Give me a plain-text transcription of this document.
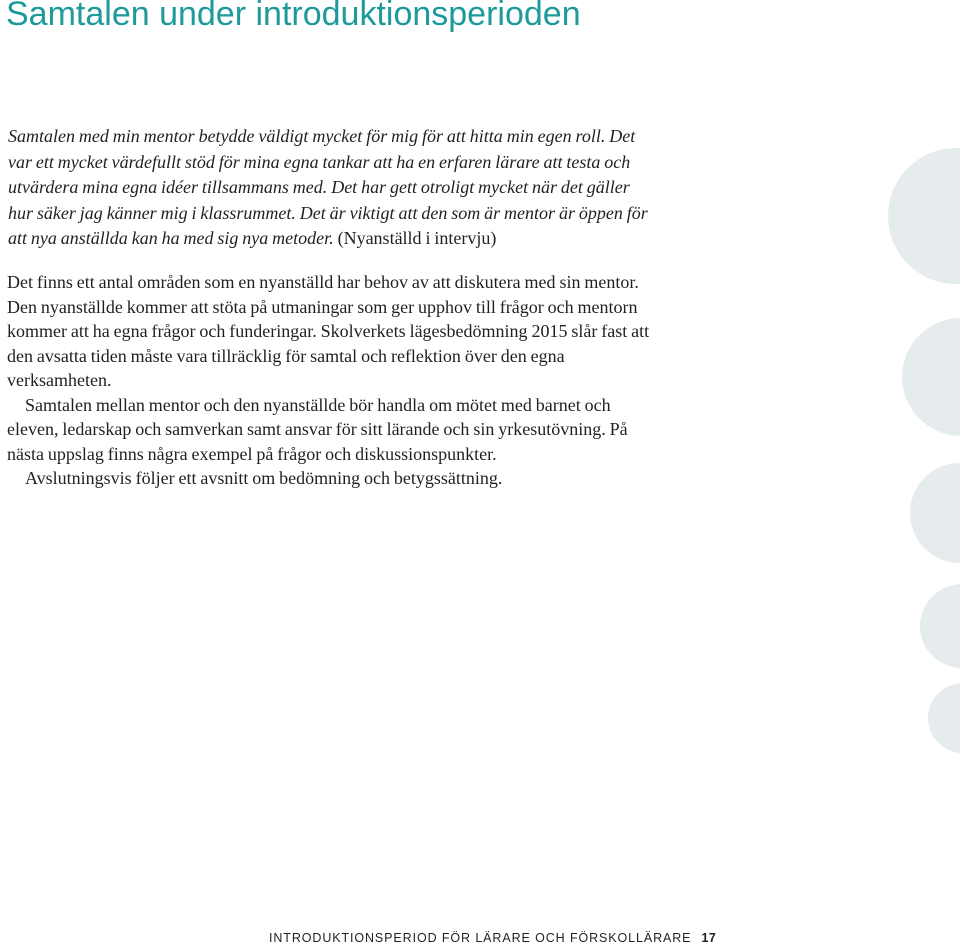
Samtalen under introduktionsperioden

Samtalen med min mentor betydde väldigt mycket för mig för att hitta min egen roll. Det var ett mycket värdefullt stöd för mina egna tankar att ha en erfaren lärare att testa och utvärdera mina egna idéer tillsammans med. Det har gett otroligt mycket när det gäller hur säker jag känner mig i klassrummet. Det är viktigt att den som är mentor är öppen för att nya anställda kan ha med sig nya metoder. (Nyanställd i intervju)

Det finns ett antal områden som en nyanställd har behov av att diskutera med sin mentor. Den nyanställde kommer att stöta på utmaningar som ger upphov till frågor och mentorn kommer att ha egna frågor och funderingar. Skolverkets lägesbedömning 2015 slår fast att den avsatta tiden måste vara tillräcklig för samtal och reflektion över den egna verksamheten.

Samtalen mellan mentor och den nyanställde bör handla om mötet med barnet och eleven, ledarskap och samverkan samt ansvar för sitt lärande och sin yrkesutövning. På nästa uppslag finns några exempel på frågor och diskussionspunkter.

Avslutningsvis följer ett avsnitt om bedömning och betygssättning.

INTRODUKTIONSPERIOD FÖR LÄRARE OCH FÖRSKOLLÄRARE 17
